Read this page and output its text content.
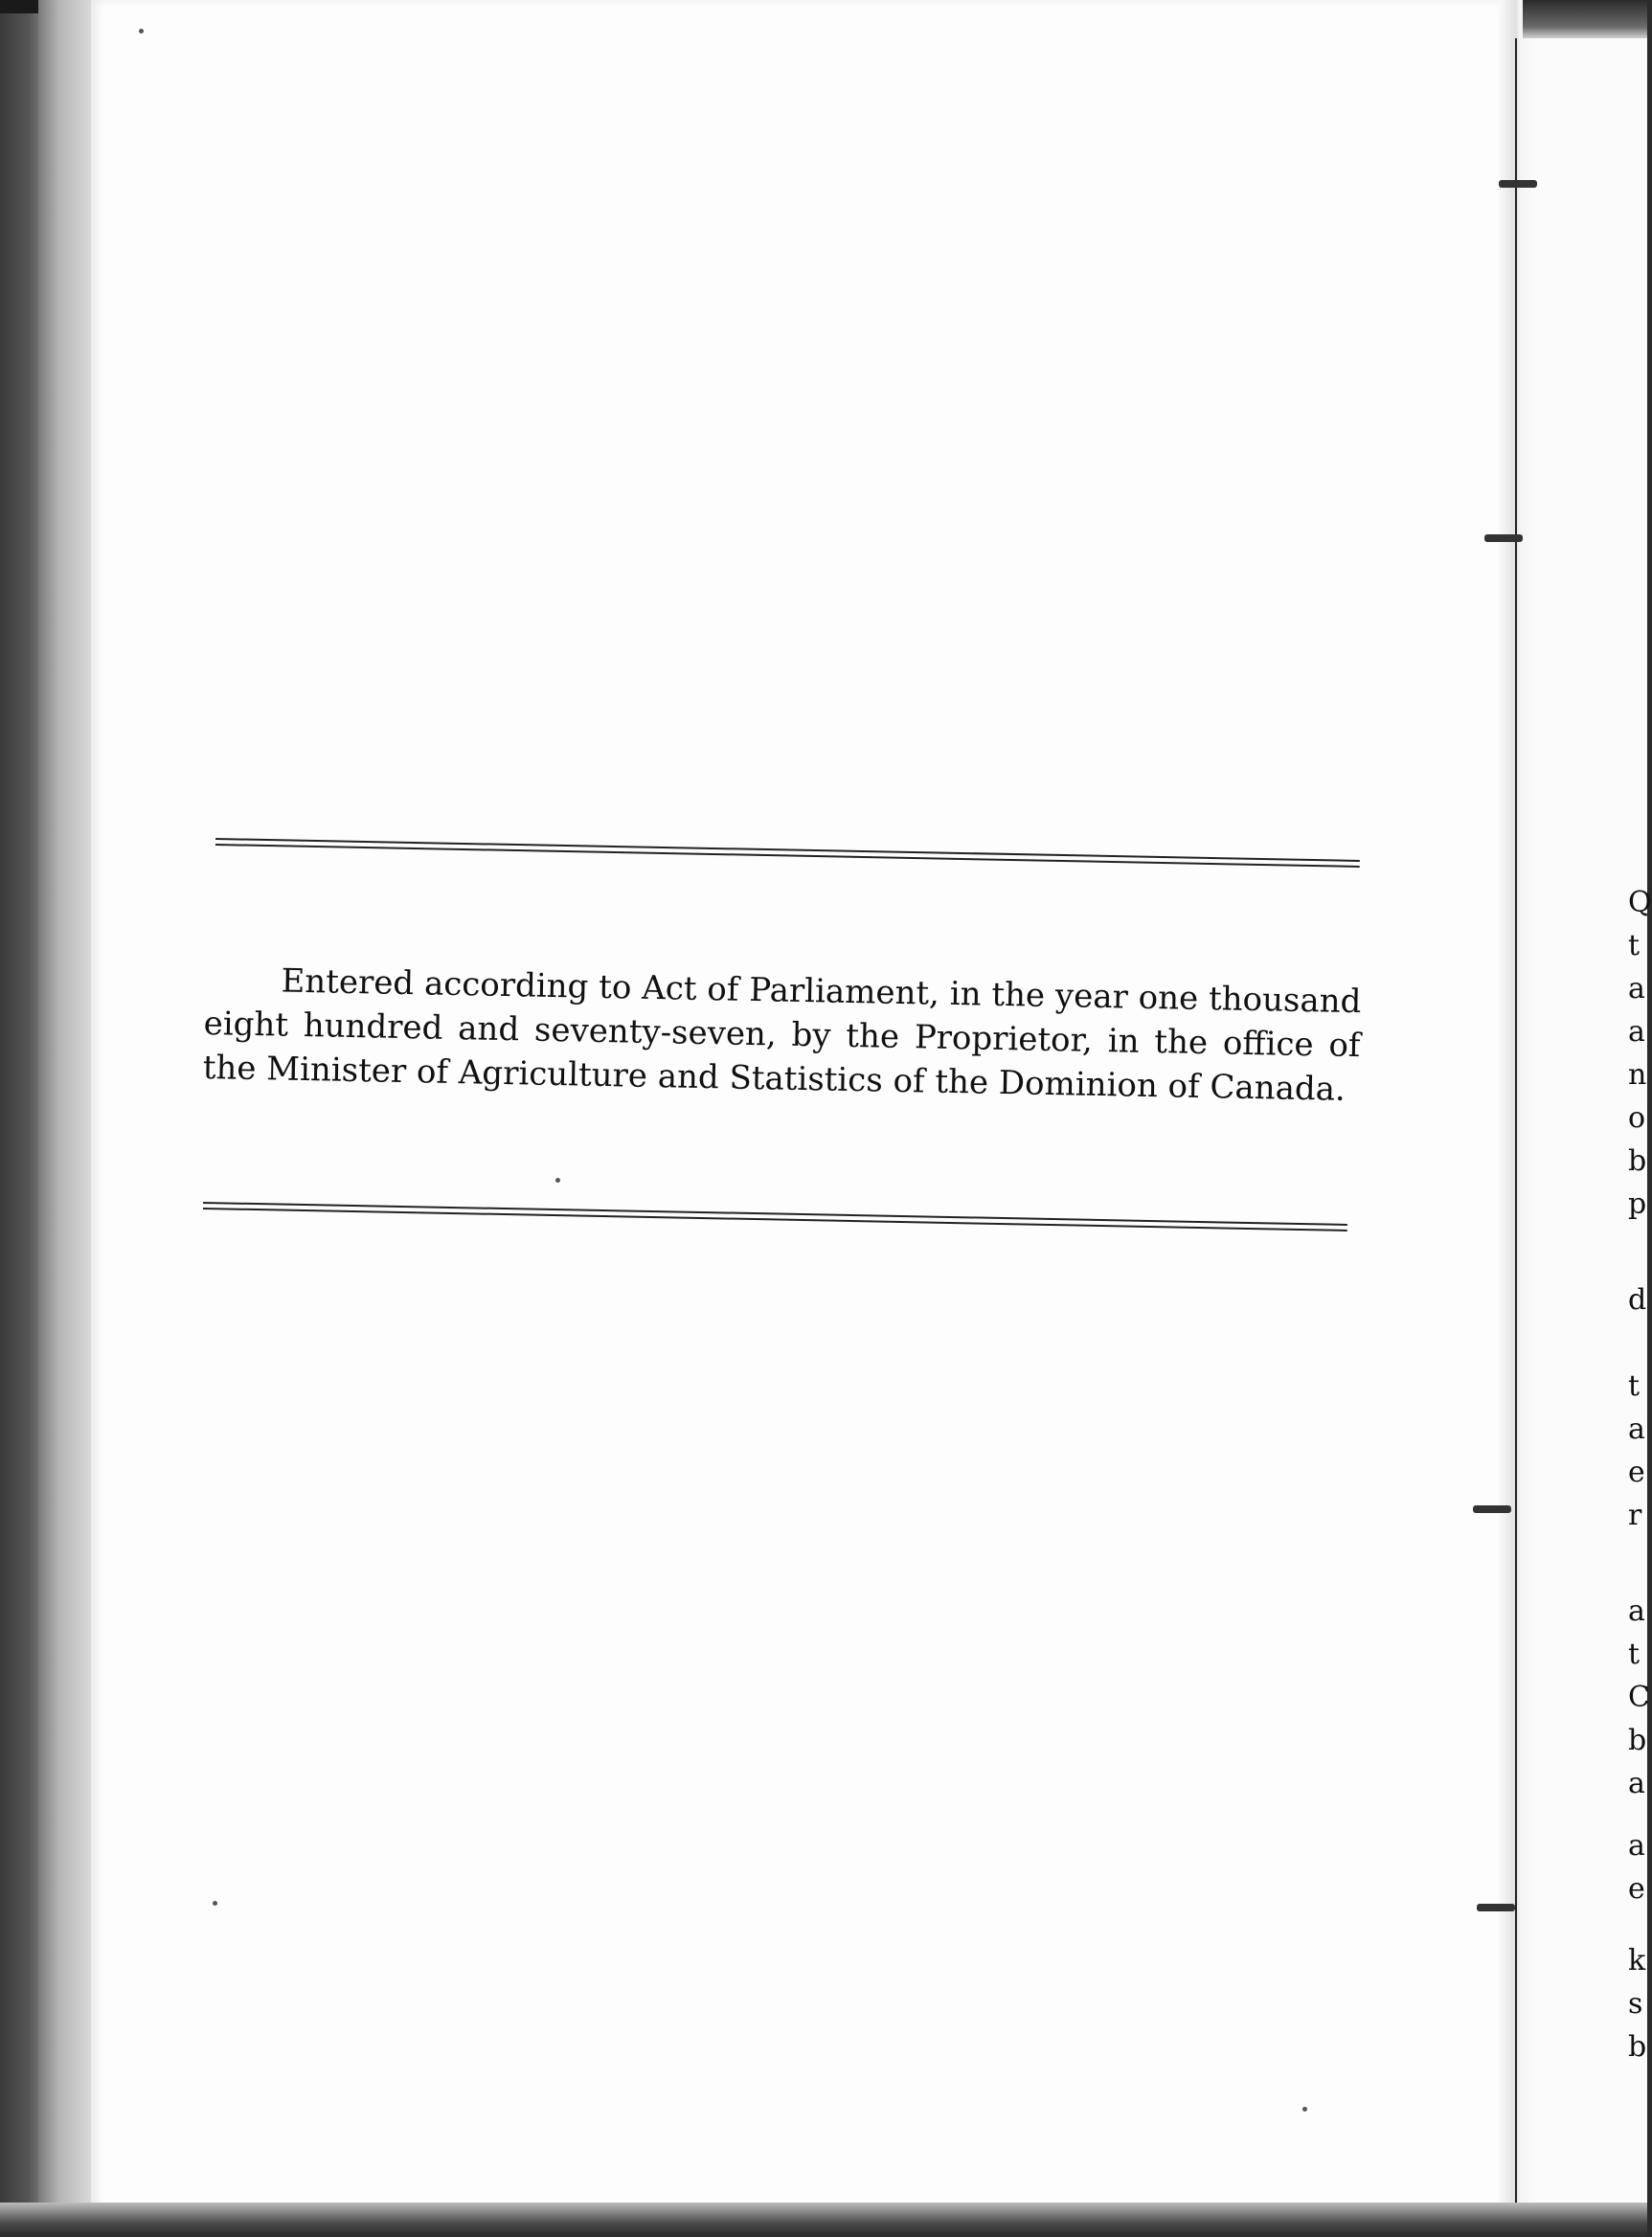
Entered according to Act of Parliament, in the year one thousand eight hundred and seventy-seven, by the Proprietor, in the office of the Minister of Agriculture and Statistics of the Dominion of Canada.

Q
t
a
a
n
o
b
p
d
t
a
e
r
a
t
C
b
a
a
e
k
s
b
